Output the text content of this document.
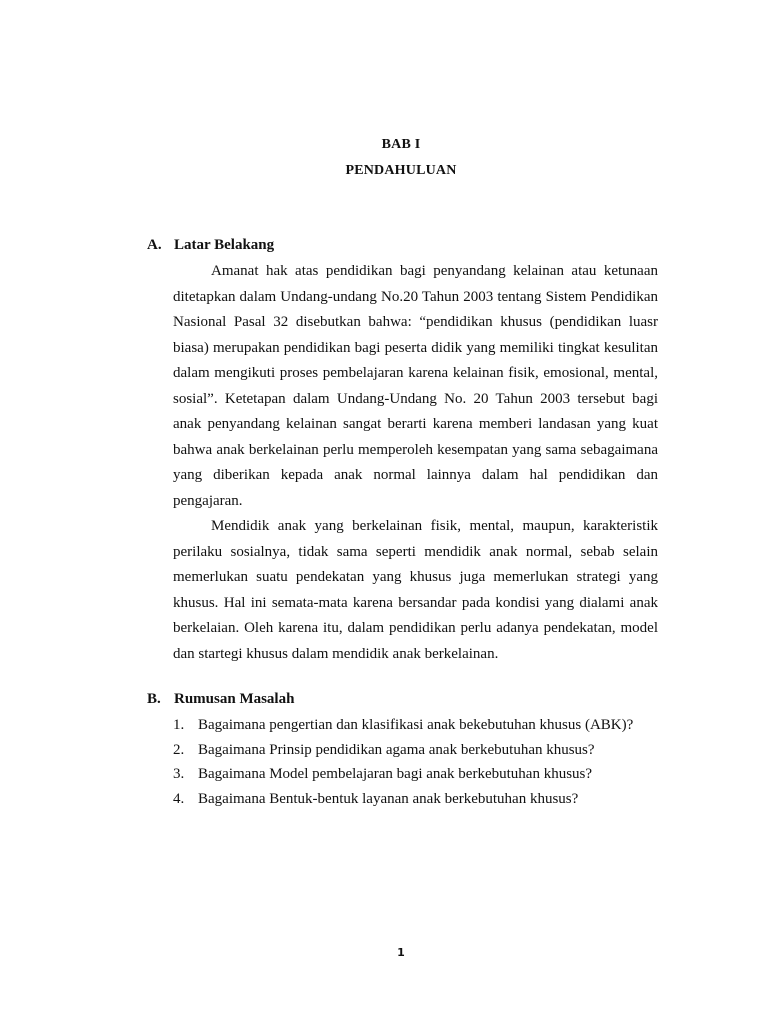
BAB I
PENDAHULUAN
A. Latar Belakang

Amanat hak atas pendidikan bagi penyandang kelainan atau ketunaan ditetapkan dalam Undang-undang No.20 Tahun 2003 tentang Sistem Pendidikan Nasional Pasal 32 disebutkan bahwa: “pendidikan khusus (pendidikan luasr biasa) merupakan pendidikan bagi peserta didik yang memiliki tingkat kesulitan dalam mengikuti proses pembelajaran karena kelainan fisik, emosional, mental, sosial”. Ketetapan dalam Undang-Undang No. 20 Tahun 2003 tersebut bagi anak penyandang kelainan sangat berarti karena memberi landasan yang kuat bahwa anak berkelainan perlu memperoleh kesempatan yang sama sebagaimana yang diberikan kepada anak normal lainnya dalam hal pendidikan dan pengajaran.

Mendidik anak yang berkelainan fisik, mental, maupun, karakteristik perilaku sosialnya, tidak sama seperti mendidik anak normal, sebab selain memerlukan suatu pendekatan yang khusus juga memerlukan strategi yang khusus. Hal ini semata-mata karena bersandar pada kondisi yang dialami anak berkelaian. Oleh karena itu, dalam pendidikan perlu adanya pendekatan, model dan startegi khusus dalam mendidik anak berkelainan.

B. Rumusan Masalah
1. Bagaimana pengertian dan klasifikasi anak bekebutuhan khusus (ABK)?
2. Bagaimana Prinsip pendidikan agama anak berkebutuhan khusus?
3. Bagaimana Model pembelajaran bagi anak berkebutuhan khusus?
4. Bagaimana Bentuk-bentuk layanan anak berkebutuhan khusus?
1
